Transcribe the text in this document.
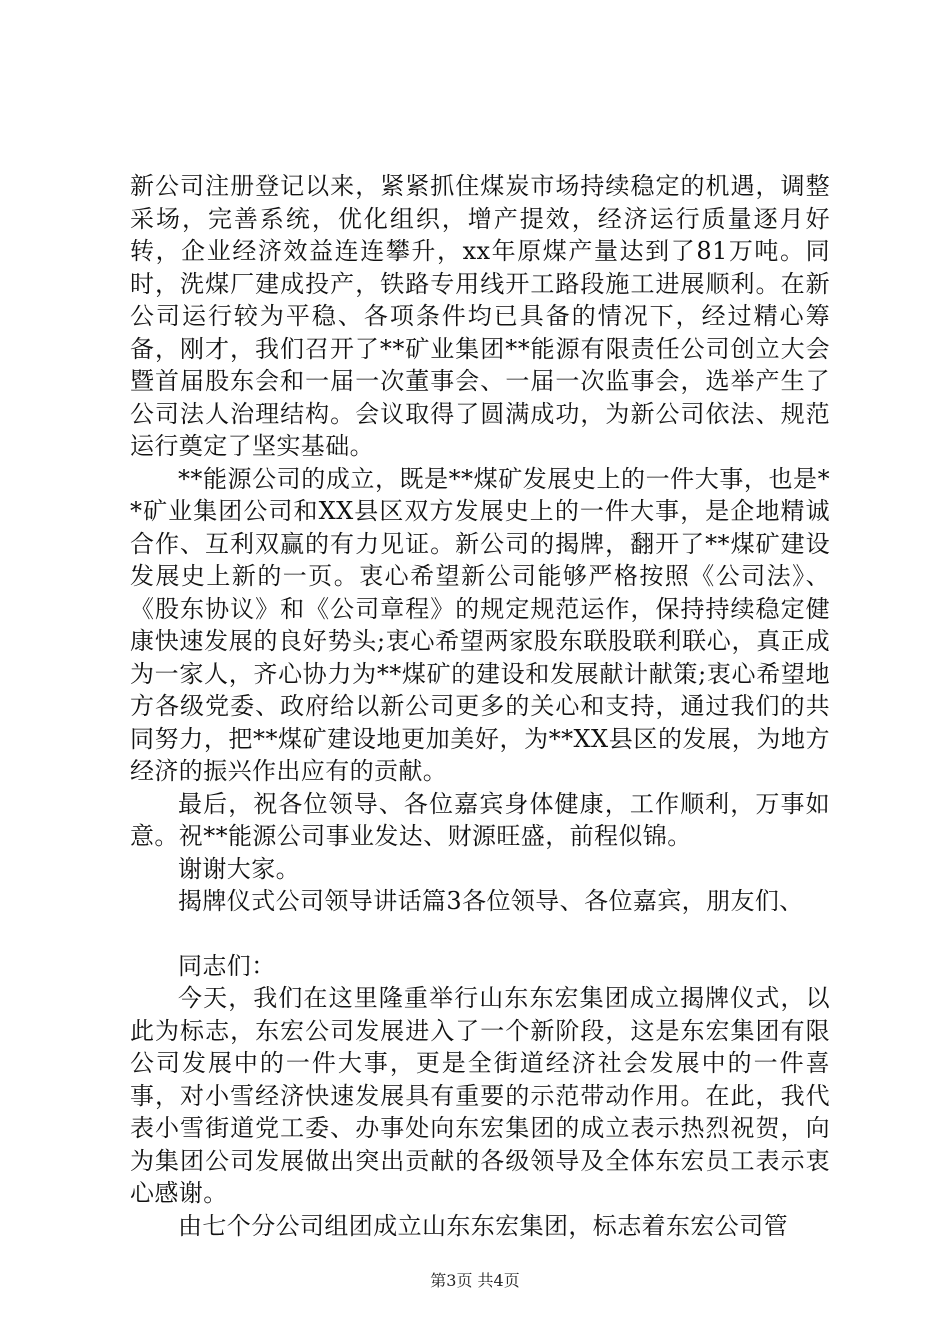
新公司注册登记以来，紧紧抓住煤炭市场持续稳定的机遇，调整采场，完善系统，优化组织，增产提效，经济运行质量逐月好转，企业经济效益连连攀升，xx年原煤产量达到了81万吨。同时，洗煤厂建成投产，铁路专用线开工路段施工进展顺利。在新公司运行较为平稳、各项条件均已具备的情况下，经过精心筹备，刚才，我们召开了**矿业集团**能源有限责任公司创立大会暨首届股东会和一届一次董事会、一届一次监事会，选举产生了公司法人治理结构。会议取得了圆满成功，为新公司依法、规范运行奠定了坚实基础。

**能源公司的成立，既是**煤矿发展史上的一件大事，也是**矿业集团公司和XX县区双方发展史上的一件大事，是企地精诚合作、互利双赢的有力见证。新公司的揭牌，翻开了**煤矿建设发展史上新的一页。衷心希望新公司能够严格按照《公司法》、《股东协议》和《公司章程》的规定规范运作，保持持续稳定健康快速发展的良好势头;衷心希望两家股东联股联利联心，真正成为一家人，齐心协力为**煤矿的建设和发展献计献策;衷心希望地方各级党委、政府给以新公司更多的关心和支持，通过我们的共同努力，把**煤矿建设地更加美好，为**XX县区的发展，为地方经济的振兴作出应有的贡献。

最后，祝各位领导、各位嘉宾身体健康，工作顺利，万事如意。祝**能源公司事业发达、财源旺盛，前程似锦。

谢谢大家。

揭牌仪式公司领导讲话篇3各位领导、各位嘉宾，朋友们、

同志们：

今天，我们在这里隆重举行山东东宏集团成立揭牌仪式，以此为标志，东宏公司发展进入了一个新阶段，这是东宏集团有限公司发展中的一件大事，更是全街道经济社会发展中的一件喜事，对小雪经济快速发展具有重要的示范带动作用。在此，我代表小雪街道党工委、办事处向东宏集团的成立表示热烈祝贺，向为集团公司发展做出突出贡献的各级领导及全体东宏员工表示衷心感谢。

由七个分公司组团成立山东东宏集团，标志着东宏公司管

第3页 共4页
